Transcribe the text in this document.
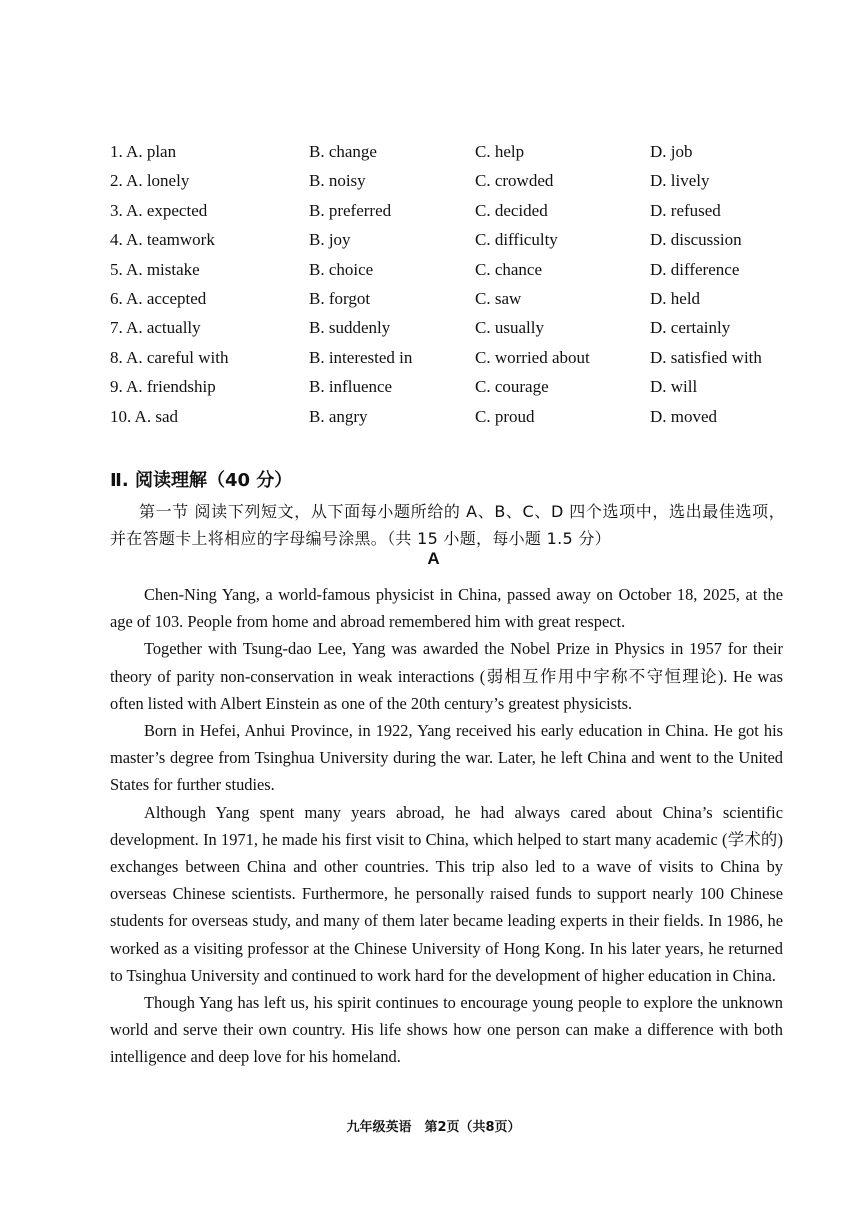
1. A. plan	B. change	C. help	D. job
2. A. lonely	B. noisy	C. crowded	D. lively
3. A. expected	B. preferred	C. decided	D. refused
4. A. teamwork	B. joy	C. difficulty	D. discussion
5. A. mistake	B. choice	C. chance	D. difference
6. A. accepted	B. forgot	C. saw	D. held
7. A. actually	B. suddenly	C. usually	D. certainly
8. A. careful with	B. interested in	C. worried about	D. satisfied with
9. A. friendship	B. influence	C. courage	D. will
10. A. sad	B. angry	C. proud	D. moved
Ⅱ. 阅读理解（40 分）
第一节 阅读下列短文，从下面每小题所给的 A、B、C、D 四个选项中，选出最佳选项，并在答题卡上将相应的字母编号涂黑。（共 15 小题，每小题 1.5 分）
A

Chen-Ning Yang, a world-famous physicist in China, passed away on October 18, 2025, at the age of 103. People from home and abroad remembered him with great respect.

Together with Tsung-dao Lee, Yang was awarded the Nobel Prize in Physics in 1957 for their theory of parity non-conservation in weak interactions (弱相互作用中宇称不守恒理论). He was often listed with Albert Einstein as one of the 20th century’s greatest physicists.

Born in Hefei, Anhui Province, in 1922, Yang received his early education in China. He got his master’s degree from Tsinghua University during the war. Later, he left China and went to the United States for further studies.

Although Yang spent many years abroad, he had always cared about China’s scientific development. In 1971, he made his first visit to China, which helped to start many academic (学术的) exchanges between China and other countries. This trip also led to a wave of visits to China by overseas Chinese scientists. Furthermore, he personally raised funds to support nearly 100 Chinese students for overseas study, and many of them later became leading experts in their fields. In 1986, he worked as a visiting professor at the Chinese University of Hong Kong. In his later years, he returned to Tsinghua University and continued to work hard for the development of higher education in China.

Though Yang has left us, his spirit continues to encourage young people to explore the unknown world and serve their own country. His life shows how one person can make a difference with both intelligence and deep love for his homeland.

九年级英语　第2页（共8页）
